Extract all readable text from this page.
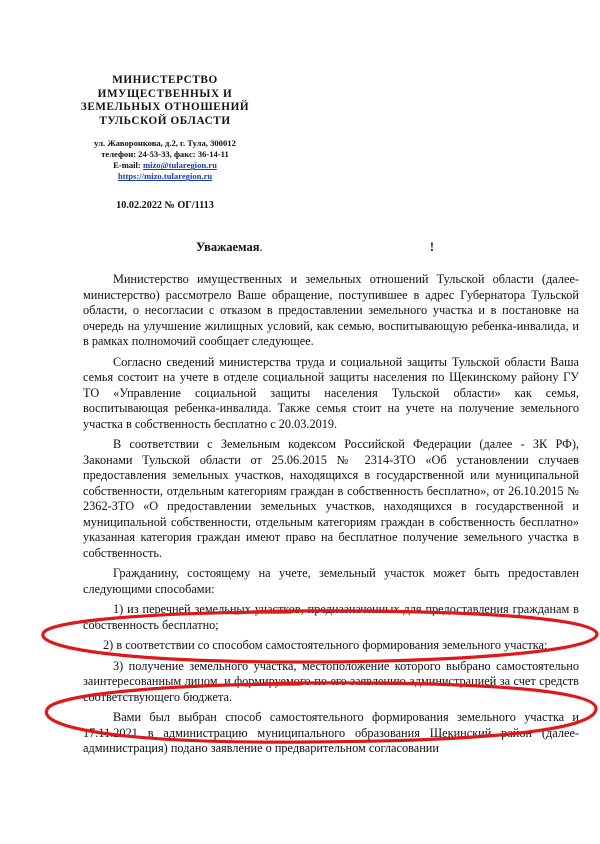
МИНИСТЕРСТВО
ИМУЩЕСТВЕННЫХ И
ЗЕМЕЛЬНЫХ ОТНОШЕНИЙ
ТУЛЬСКОЙ ОБЛАСТИ
ул. Жаворонкова, д.2, г. Тула, 300012
телефон: 24-53-33, факс: 36-14-11
E-mail: mizo@tularegion.ru
https://mizo.tularegion.ru
10.02.2022 № ОГ/1113
Уважаемая.	!

Министерство имущественных и земельных отношений Тульской области (далее-министерство) рассмотрело Ваше обращение, поступившее в адрес Губернатора Тульской области, о несогласии с отказом в предоставлении земельного участка и в постановке на очередь на улучшение жилищных условий, как семью, воспитывающую ребенка-инвалида, и в рамках полномочий сообщает следующее.

Согласно сведений министерства труда и социальной защиты Тульской области Ваша семья состоит на учете в отделе социальной защиты населения по Щекинскому району ГУ ТО «Управление социальной защиты населения Тульской области» как семья, воспитывающая ребенка-инвалида. Также семья стоит на учете на получение земельного участка в собственность бесплатно с 20.03.2019.

В соответствии с Земельным кодексом Российской Федерации (далее - ЗК РФ), Законами Тульской области от 25.06.2015 № 2314-ЗТО «Об установлении случаев предоставления земельных участков, находящихся в государственной или муниципальной собственности, отдельным категориям граждан в собственность бесплатно», от 26.10.2015 № 2362-ЗТО «О предоставлении земельных участков, находящихся в государственной и муниципальной собственности, отдельным категориям граждан в собственность бесплатно» указанная категория граждан имеют право на бесплатное получение земельного участка в собственность.

Гражданину, состоящему на учете, земельный участок может быть предоставлен следующими способами:

1) из перечней земельных участков, предназначенных для предоставления гражданам в собственность бесплатно;

2) в соответствии со способом самостоятельного формирования земельного участка;

3) получение земельного участка, местоположение которого выбрано самостоятельно заинтересованным лицом, и формируемого по его заявлению администрацией за счет средств соответствующего бюджета.

Вами был выбран способ самостоятельного формирования земельного участка и 17.11.2021 в администрацию муниципального образования Щекинский район (далее-администрация) подано заявление о предварительном согласовании
